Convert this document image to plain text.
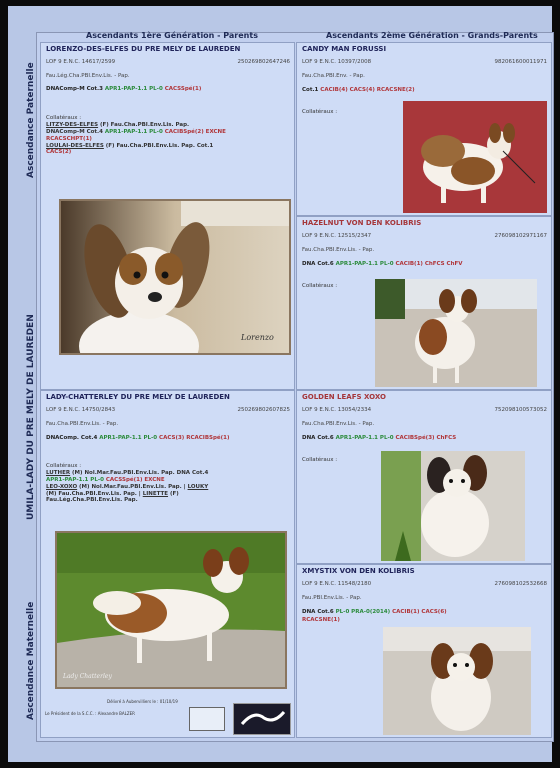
Ascendants 1ère Génération - Parents	Ascendants 2ème Génération - Grands-Parents
Ascendance Paternelle
UMILA-LADY DU PRE MELY DE LAUREDEN
Ascendance Maternelle
LORENZO-DES-ELFES DU PRE MELY DE LAUREDEN
LOF 9 E.N.C. 14617/2599	250269802647246
Fau.Lég.Cha.PBI.Env.Lis. - Pap.
DNAComp-M Cot.3 APR1-PAP-1.1 PL-0 CACSSpé(1)
Collatéraux :
LITZY-DES-ELFES (F) Fau.Cha.PBI.Env.Lis. Pap.
DNAComp-M Cot.4 APR1-PAP-1.1 PL-0 CACIBSpé(2) EXCNE
RCACSCHPT(1)
LOULAI-DES-ELFES (F) Fau.Cha.PBI.Env.Lis. Pap. Cot.1
CACS(2)
Lorenzo
CANDY MAN FORUSSI
LOF 9 E.N.C. 10397/2008	982061600011971
Fau.Cha.PBI.Env. - Pap.
Cot.1 CACIB(4) CACS(4) RCACSNE(2)
Collatéraux :
HAZELNUT VON DEN KOLIBRIS
LOF 9 E.N.C. 12515/2347	276098102971167
Fau.Cha.PBI.Env.Lis. - Pap.
DNA Cot.6 APR1-PAP-1.1 PL-0 CACIB(1) ChFCS ChFV
Collatéraux :
LADY-CHATTERLEY DU PRE MELY DE LAUREDEN
LOF 9 E.N.C. 14750/2843	250269802607825
Fau.Cha.PBI.Env.Lis. - Pap.
DNAComp. Cot.4 APR1-PAP-1.1 PL-0 CACS(3) RCACIBSpé(1)
Collatéraux :
LUTHER (M) Nol.Mar.Fau.PBI.Env.Lis. Pap. DNA Cot.4
APR1-PAP-1.1 PL-0 CACSSpé(1) EXCNE
LEO-XOXO (M) Nol.Mar.Fau.PBI.Env.Lis. Pap. | LOUKY
(M) Fau.Cha.PBI.Env.Lis. Pap. | LINETTE (F)
Fau.Lég.Cha.PBI.Env.Lis. Pap.
Lady Chatterley
Le Président de la S.C.C. : Alexandre BALZER
Délivré à Aubervilliers le : 01/10/19
GOLDEN LEAFS XOXO
LOF 9 E.N.C. 13054/2334	752098100573052
Fau.Cha.PBI.Env.Lis. - Pap.
DNA Cot.6 APR1-PAP-1.1 PL-0 CACIBSpé(3) ChFCS
Collatéraux :
XMYSTIX VON DEN KOLIBRIS
LOF 9 E.N.C. 11548/2180	276098102532668
Fau.PBI.Env.Lis. - Pap.
DNA Cot.6 PL-0 PRA-0(2014) CACIB(1) CACS(6)
RCACSNE(1)
